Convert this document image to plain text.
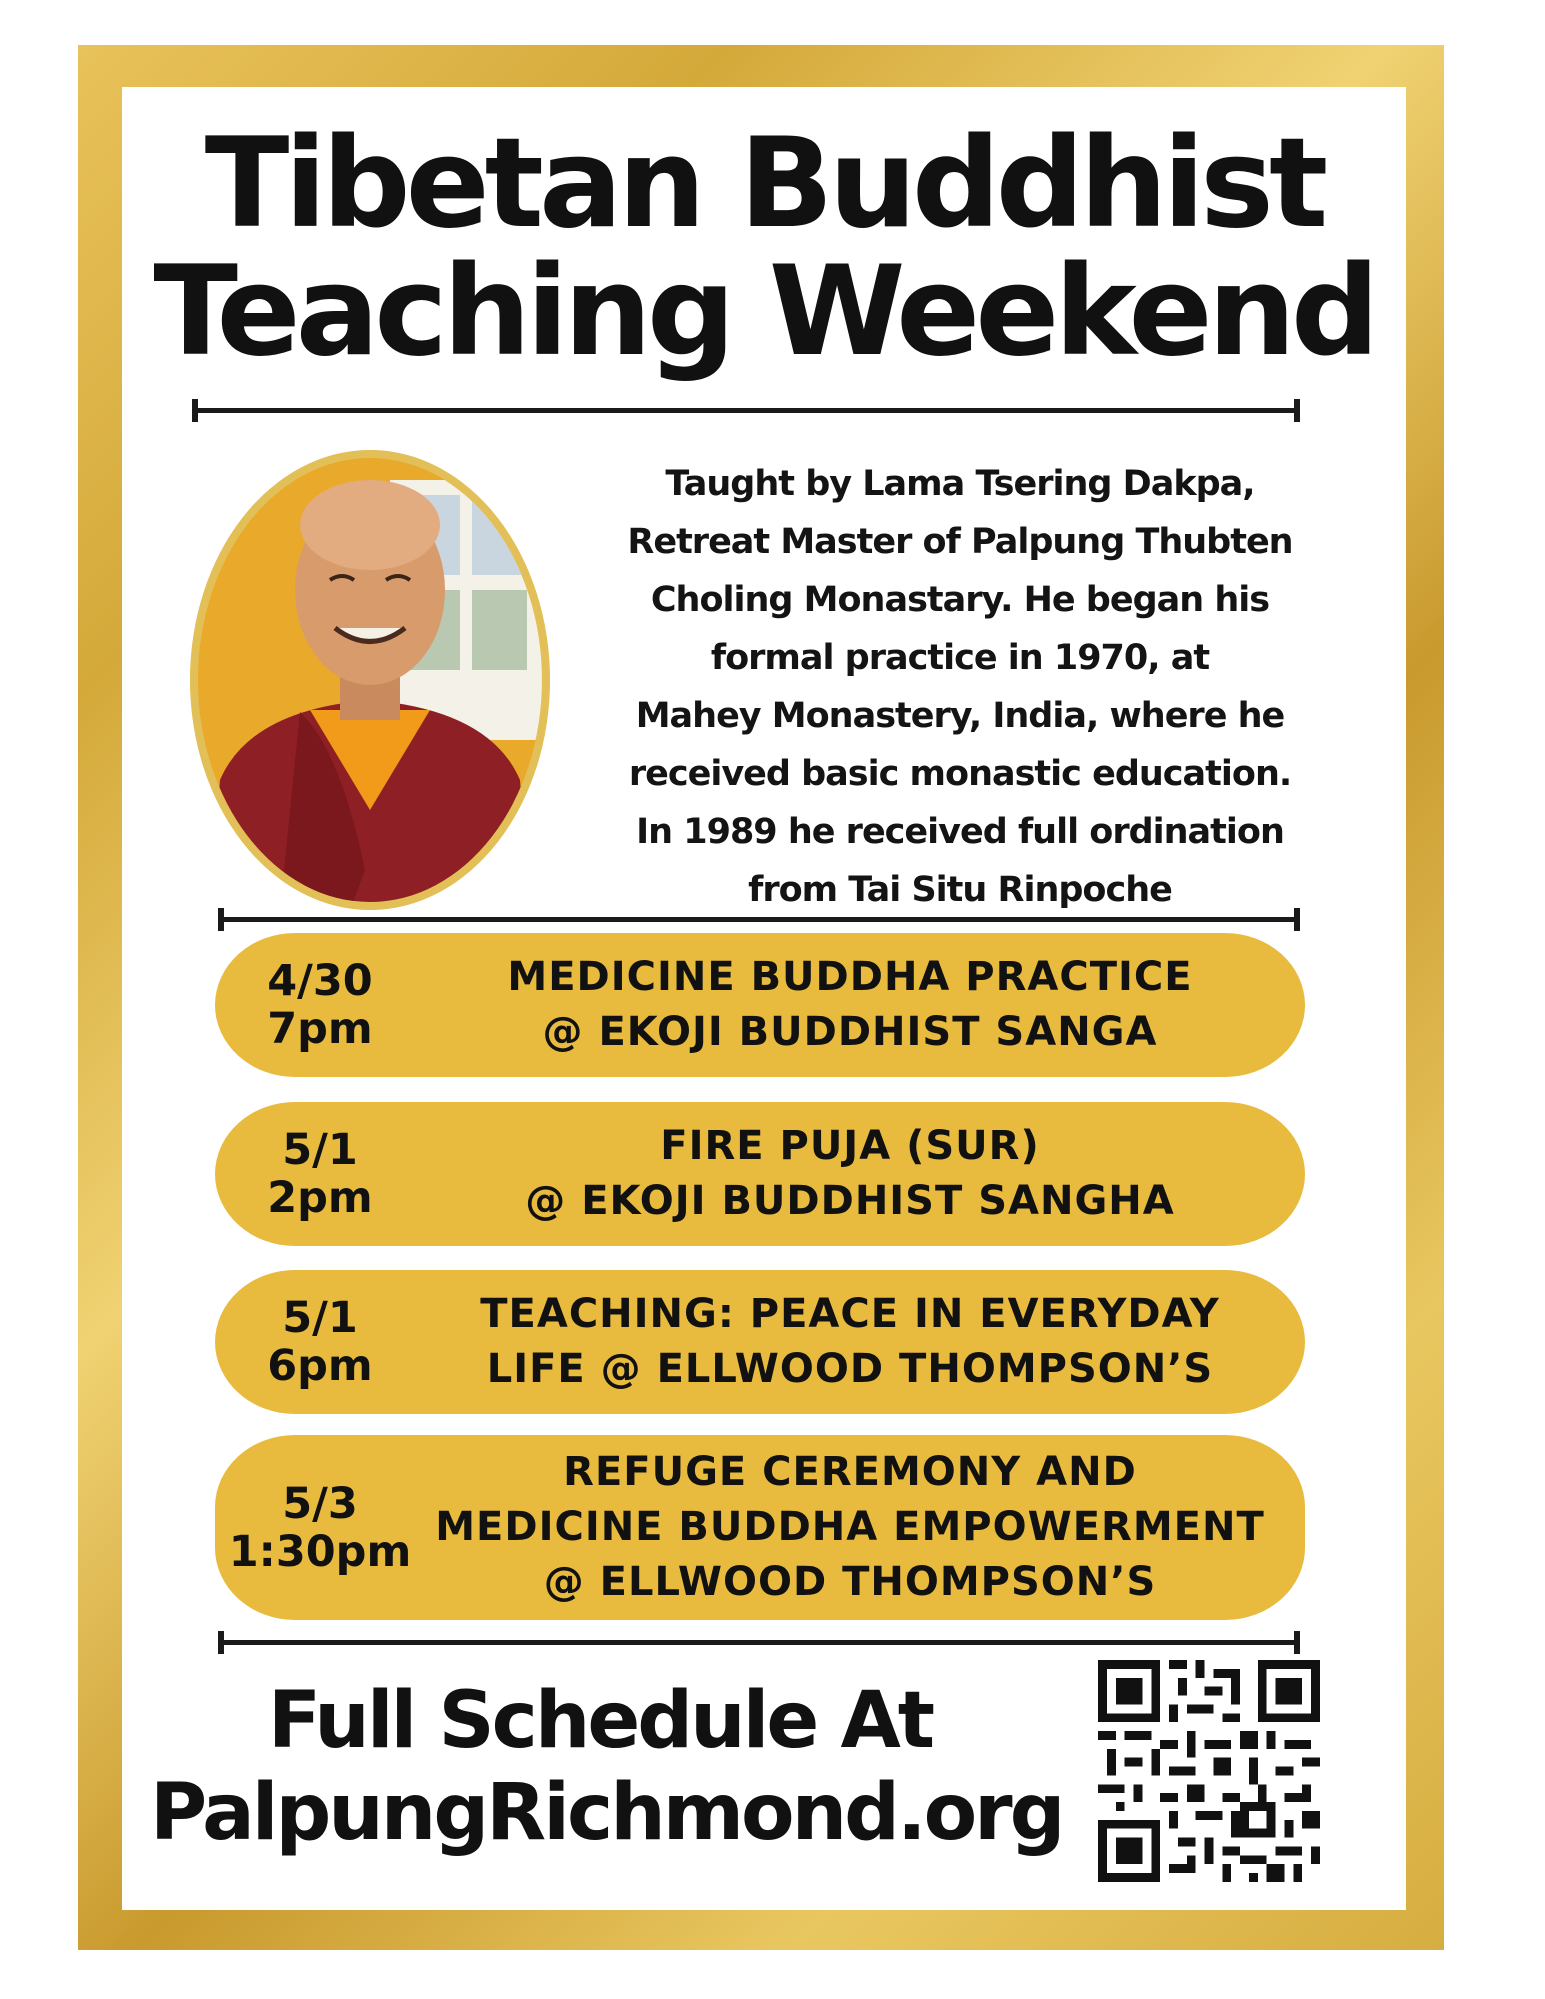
Tibetan Buddhist
Teaching Weekend
Taught by Lama Tsering Dakpa,
Retreat Master of Palpung Thubten
Choling Monastary. He began his
formal practice in 1970, at
Mahey Monastery, India, where he
received basic monastic education.
In 1989 he received full ordination
from Tai Situ Rinpoche
4/30
7pm
MEDICINE BUDDHA PRACTICE
@ EKOJI BUDDHIST SANGA
5/1
2pm
FIRE PUJA (SUR)
@ EKOJI BUDDHIST SANGHA
5/1
6pm
TEACHING: PEACE IN EVERYDAY
LIFE @ ELLWOOD THOMPSON’S
5/3
1:30pm
REFUGE CEREMONY AND
MEDICINE BUDDHA EMPOWERMENT
@ ELLWOOD THOMPSON’S
Full Schedule At
PalpungRichmond.org
